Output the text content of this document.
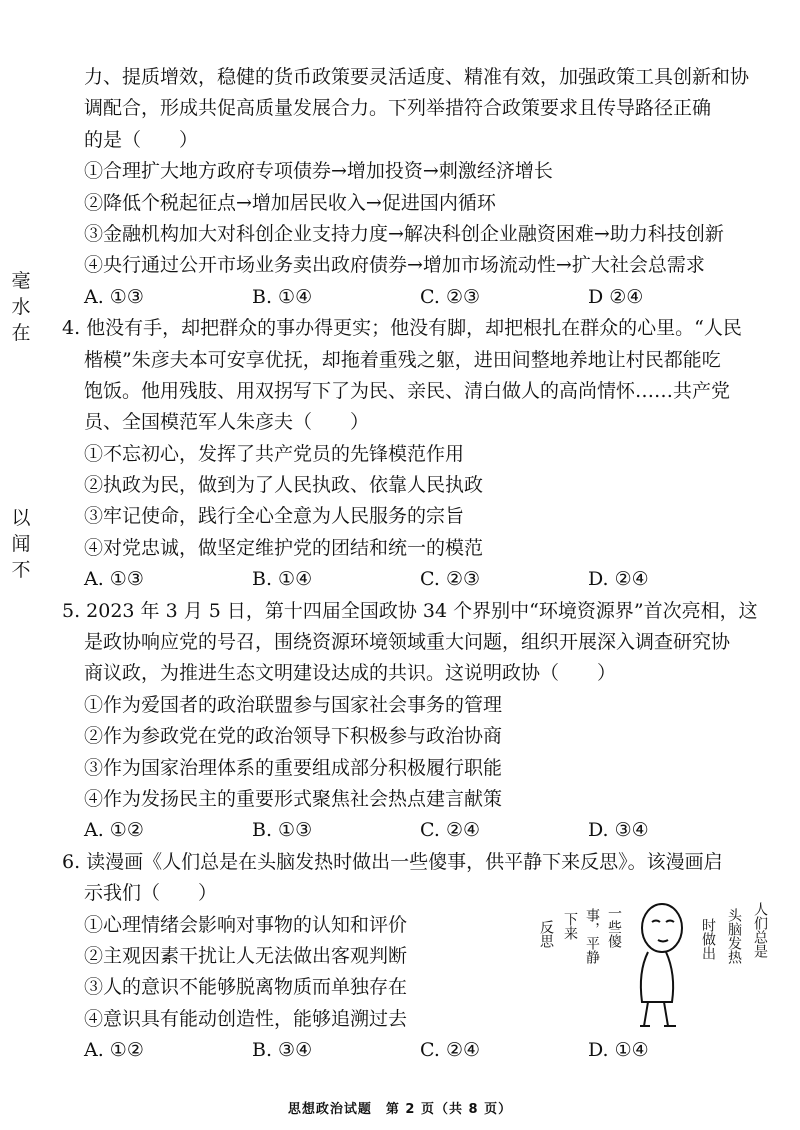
毫
水
在
以
闻
不
力、提质增效，稳健的货币政策要灵活适度、精准有效，加强政策工具创新和协
调配合，形成共促高质量发展合力。下列举措符合政策要求且传导路径正确
的是（　　）
①合理扩大地方政府专项债券→增加投资→刺激经济增长
②降低个税起征点→增加居民收入→促进国内循环
③金融机构加大对科创企业支持力度→解决科创企业融资困难→助力科技创新
④央行通过公开市场业务卖出政府债券→增加市场流动性→扩大社会总需求
A. ①③	B. ①④	C. ②③	D ②④
4. 他没有手，却把群众的事办得更实；他没有脚，却把根扎在群众的心里。“人民
楷模”朱彦夫本可安享优抚，却拖着重残之躯，进田间整地养地让村民都能吃
饱饭。他用残肢、用双拐写下了为民、亲民、清白做人的高尚情怀……共产党
员、全国模范军人朱彦夫（　　）
①不忘初心，发挥了共产党员的先锋模范作用
②执政为民，做到为了人民执政、依靠人民执政
③牢记使命，践行全心全意为人民服务的宗旨
④对党忠诚，做坚定维护党的团结和统一的模范
A. ①③	B. ①④	C. ②③	D. ②④
5. 2023 年 3 月 5 日，第十四届全国政协 34 个界别中“环境资源界”首次亮相，这
是政协响应党的号召，围绕资源环境领域重大问题，组织开展深入调查研究协
商议政，为推进生态文明建设达成的共识。这说明政协（　　）
①作为爱国者的政治联盟参与国家社会事务的管理
②作为参政党在党的政治领导下积极参与政治协商
③作为国家治理体系的重要组成部分积极履行职能
④作为发扬民主的重要形式聚焦社会热点建言献策
A. ①②	B. ①③	C. ②④	D. ③④
6. 读漫画《人们总是在头脑发热时做出一些傻事，供平静下来反思》。该漫画启
示我们（　　）
①心理情绪会影响对事物的认知和评价
②主观因素干扰让人无法做出客观判断
③人的意识不能够脱离物质而单独存在
④意识具有能动创造性，能够追溯过去
A. ①②	B. ③④	C. ②④	D. ①④
反思 下来 事，平静 一些傻	时做出 头脑发热 人们总是
思想政治试题　第 2 页（共 8 页）
